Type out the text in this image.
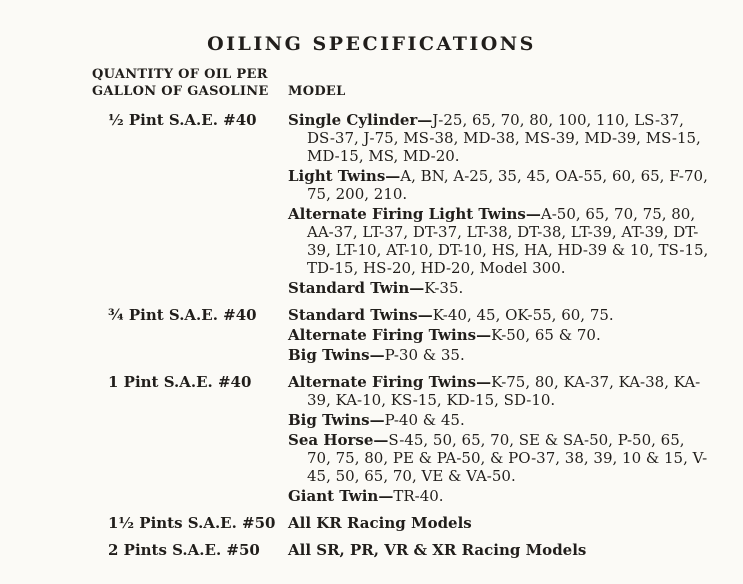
OILING SPECIFICATIONS
QUANTITY OF OIL PER
GALLON OF GASOLINE	MODEL
½ Pint S.A.E. #40	Single Cylinder—J-25, 65, 70, 80, 100, 110, LS-37, DS-37, J-75, MS-38, MD-38, MS-39, MD-39, MS-15, MD-15, MS, MD-20.

Light Twins—A, BN, A-25, 35, 45, OA-55, 60, 65, F-70, 75, 200, 210.

Alternate Firing Light Twins—A-50, 65, 70, 75, 80, AA-37, LT-37, DT-37, LT-38, DT-38, LT-39, AT-39, DT-39, LT-10, AT-10, DT-10, HS, HA, HD-39 & 10, TS-15, TD-15, HS-20, HD-20, Model 300.

Standard Twin—K-35.

¾ Pint S.A.E. #40	Standard Twins—K-40, 45, OK-55, 60, 75.

Alternate Firing Twins—K-50, 65 & 70.

Big Twins—P-30 & 35.

1 Pint S.A.E. #40	Alternate Firing Twins—K-75, 80, KA-37, KA-38, KA-39, KA-10, KS-15, KD-15, SD-10.

Big Twins—P-40 & 45.

Sea Horse—S-45, 50, 65, 70, SE & SA-50, P-50, 65, 70, 75, 80, PE & PA-50, & PO-37, 38, 39, 10 & 15, V-45, 50, 65, 70, VE & VA-50.

Giant Twin—TR-40.

1½ Pints S.A.E. #50 All KR Racing Models

2 Pints S.A.E. #50	All SR, PR, VR & XR Racing Models
